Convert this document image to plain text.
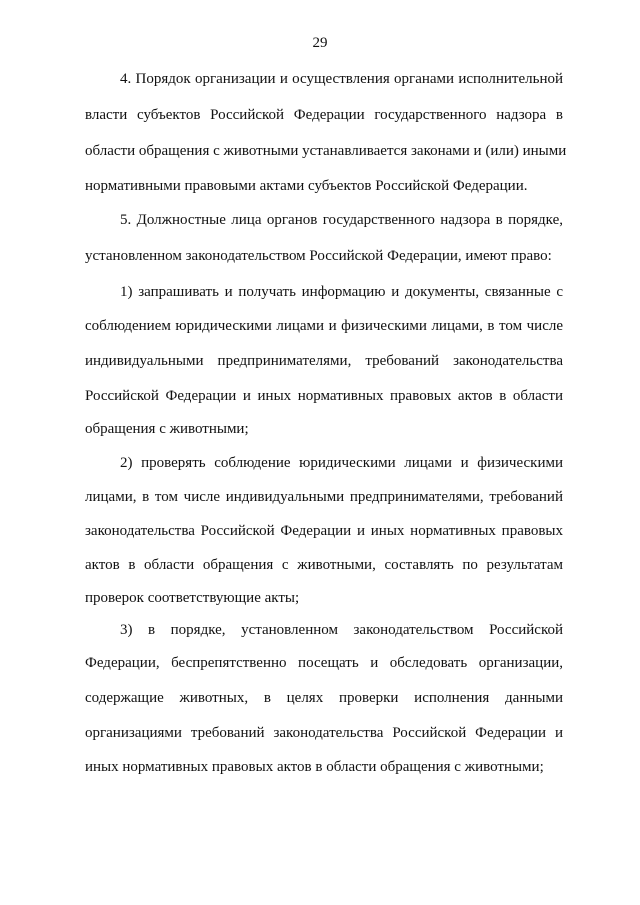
29
4. Порядок организации и осуществления органами исполнительной
власти субъектов Российской Федерации государственного надзора в
области обращения с животными устанавливается законами и (или) иными
нормативными правовыми актами субъектов Российской Федерации.
5. Должностные лица органов государственного надзора в порядке,
установленном законодательством Российской Федерации, имеют право:
1) запрашивать и получать информацию и документы, связанные с
соблюдением юридическими лицами и физическими лицами, в том числе
индивидуальными предпринимателями, требований законодательства
Российской Федерации и иных нормативных правовых актов в области
обращения с животными;
2) проверять соблюдение юридическими лицами и физическими
лицами, в том числе индивидуальными предпринимателями, требований
законодательства Российской Федерации и иных нормативных правовых
актов в области обращения с животными, составлять по результатам
проверок соответствующие акты;
3) в порядке, установленном законодательством Российской
Федерации, беспрепятственно посещать и обследовать организации,
содержащие животных, в целях проверки исполнения данными
организациями требований законодательства Российской Федерации и
иных нормативных правовых актов в области обращения с животными;
